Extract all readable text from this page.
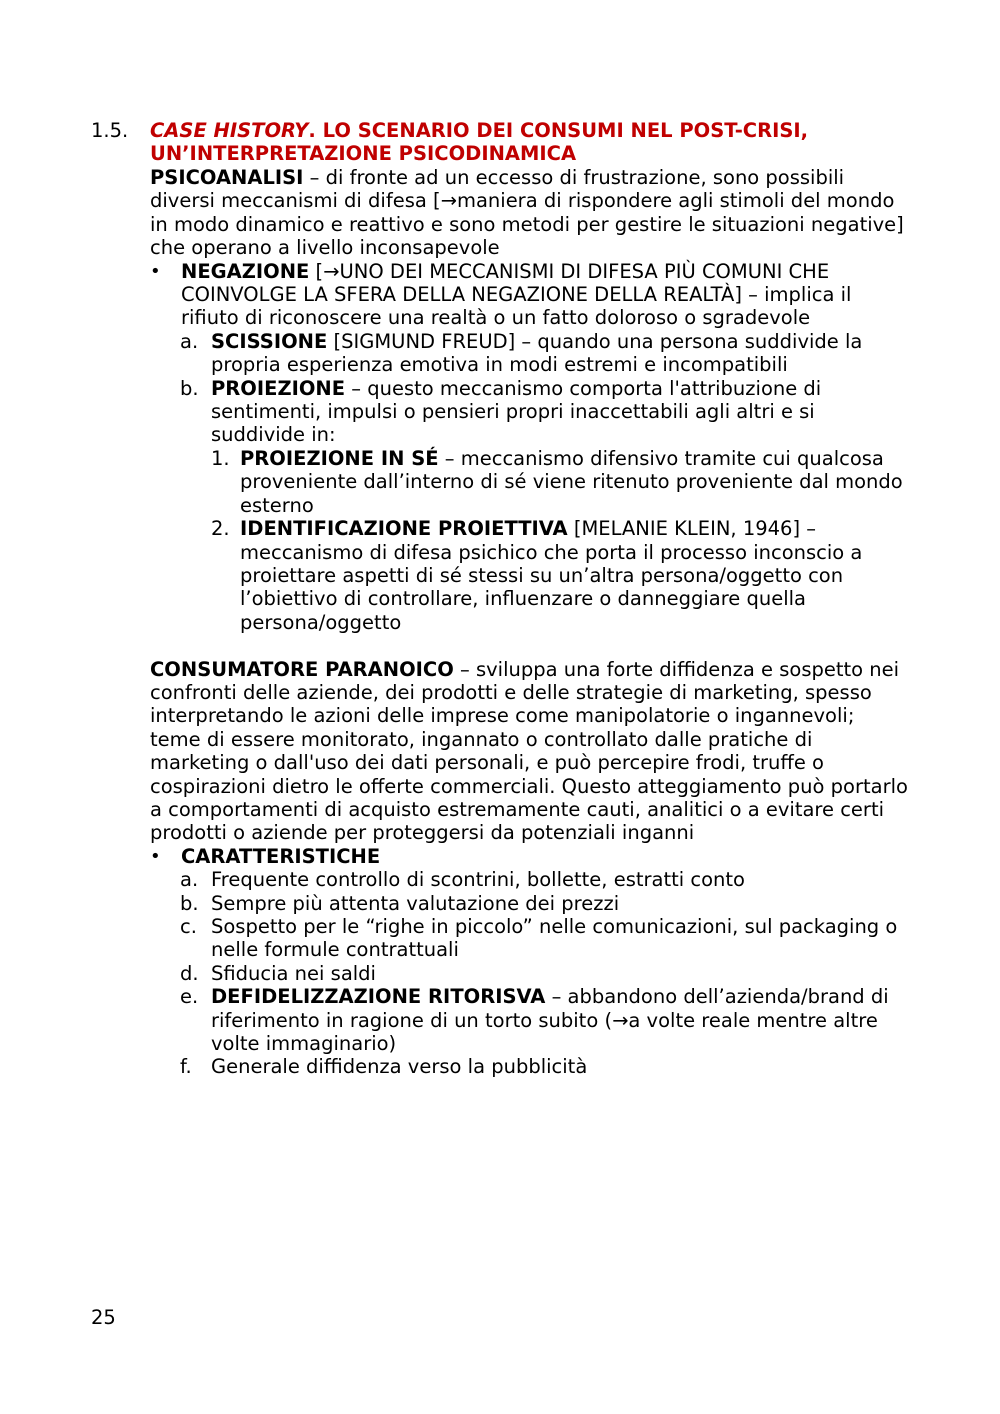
1.5. CASE HISTORY. LO SCENARIO DEI CONSUMI NEL POST-CRISI,
UN’INTERPRETAZIONE PSICODINAMICA

PSICOANALISI – di fronte ad un eccesso di frustrazione, sono possibili diversi meccanismi di difesa [→maniera di rispondere agli stimoli del mondo in modo dinamico e reattivo e sono metodi per gestire le situazioni negative] che operano a livello inconsapevole

• NEGAZIONE [→UNO DEI MECCANISMI DI DIFESA PIÙ COMUNI CHE COINVOLGE LA SFERA DELLA NEGAZIONE DELLA REALTÀ] – implica il rifiuto di riconoscere una realtà o un fatto doloroso o sgradevole
a. SCISSIONE [SIGMUND FREUD] – quando una persona suddivide la propria esperienza emotiva in modi estremi e incompatibili
b. PROIEZIONE – questo meccanismo comporta l'attribuzione di sentimenti, impulsi o pensieri propri inaccettabili agli altri e si suddivide in:
1. PROIEZIONE IN SÉ – meccanismo difensivo tramite cui qualcosa proveniente dall’interno di sé viene ritenuto proveniente dal mondo esterno
2. IDENTIFICAZIONE PROIETTIVA [MELANIE KLEIN, 1946] – meccanismo di difesa psichico che porta il processo inconscio a proiettare aspetti di sé stessi su un’altra persona/oggetto con l’obiettivo di controllare, influenzare o danneggiare quella persona/oggetto

CONSUMATORE PARANOICO – sviluppa una forte diffidenza e sospetto nei confronti delle aziende, dei prodotti e delle strategie di marketing, spesso interpretando le azioni delle imprese come manipolatorie o ingannevoli; teme di essere monitorato, ingannato o controllato dalle pratiche di marketing o dall'uso dei dati personali, e può percepire frodi, truffe o cospirazioni dietro le offerte commerciali. Questo atteggiamento può portarlo a comportamenti di acquisto estremamente cauti, analitici o a evitare certi prodotti o aziende per proteggersi da potenziali inganni

• CARATTERISTICHE
a. Frequente controllo di scontrini, bollette, estratti conto
b. Sempre più attenta valutazione dei prezzi
c. Sospetto per le “righe in piccolo” nelle comunicazioni, sul packaging o nelle formule contrattuali
d. Sfiducia nei saldi
e. DEFIDELIZZAZIONE RITORISVA – abbandono dell’azienda/brand di riferimento in ragione di un torto subito (→a volte reale mentre altre volte immaginario)
f. Generale diffidenza verso la pubblicità
25
